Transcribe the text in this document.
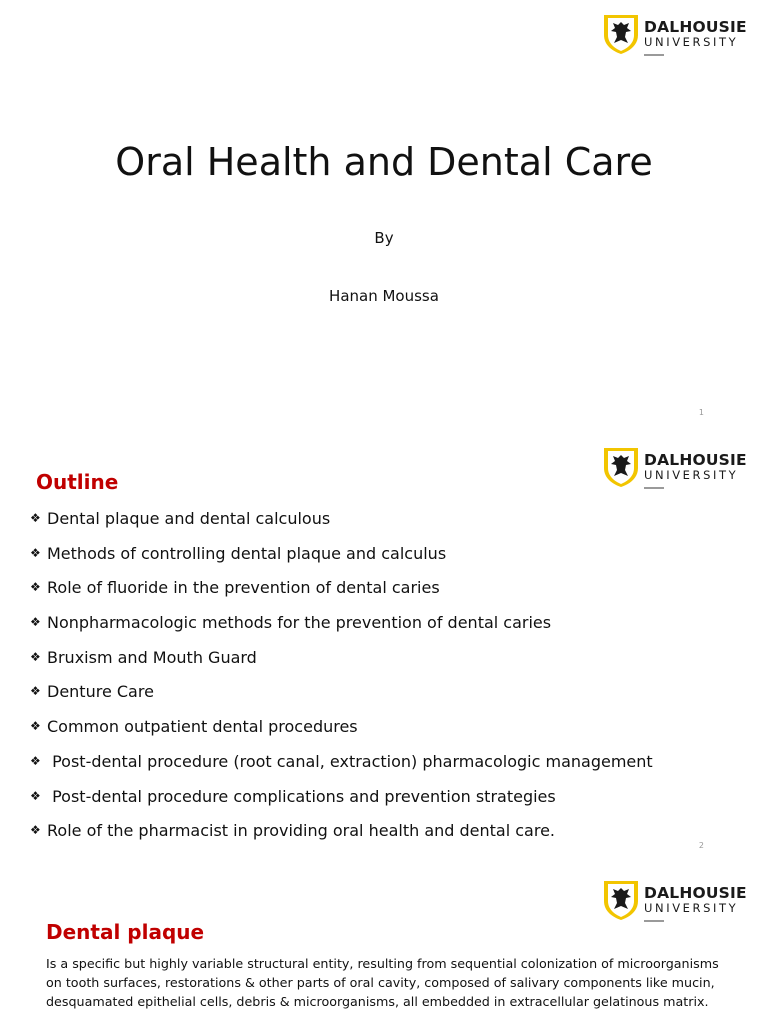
DALHOUSIE
UNIVERSITY
Oral Health and Dental Care
By
Hanan Moussa
1
DALHOUSIE
UNIVERSITY
Outline
❖ Dental plaque and dental calculous
❖ Methods of controlling dental plaque and calculus
❖ Role of fluoride in the prevention of dental caries
❖ Nonpharmacologic methods for the prevention of dental caries
❖ Bruxism and Mouth Guard
❖ Denture Care
❖ Common outpatient dental procedures
❖ Post-dental procedure (root canal, extraction) pharmacologic management
❖ Post-dental procedure complications and prevention strategies
❖ Role of the pharmacist in providing oral health and dental care.
2
DALHOUSIE
UNIVERSITY
Dental plaque

Is a specific but highly variable structural entity, resulting from sequential colonization of microorganisms on tooth surfaces, restorations & other parts of oral cavity, composed of salivary components like mucin, desquamated epithelial cells, debris & microorganisms, all embedded in extracellular gelatinous matrix.
